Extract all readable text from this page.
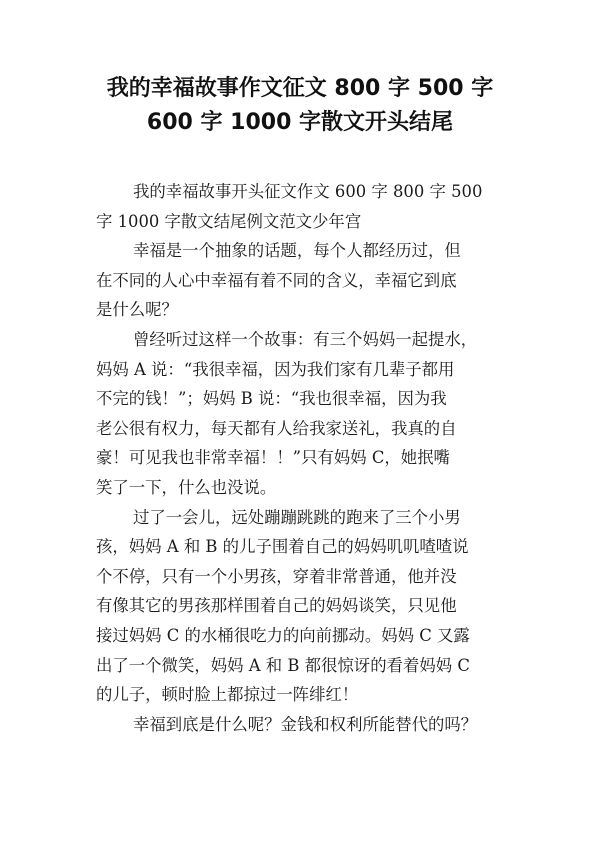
我的幸福故事作文征文 800 字 500 字
600 字 1000 字散文开头结尾
我的幸福故事开头征文作文 600 字 800 字 500
字 1000 字散文结尾例文范文少年宫
幸福是一个抽象的话题，每个人都经历过，但
在不同的人心中幸福有着不同的含义，幸福它到底
是什么呢？
曾经听过这样一个故事：有三个妈妈一起提水，
妈妈 A 说：“我很幸福，因为我们家有几辈子都用
不完的钱！”；妈妈 B 说：“我也很幸福，因为我
老公很有权力，每天都有人给我家送礼，我真的自
豪！可见我也非常幸福！！”只有妈妈 C，她抿嘴
笑了一下，什么也没说。
过了一会儿，远处蹦蹦跳跳的跑来了三个小男
孩，妈妈 A 和 B 的儿子围着自己的妈妈叽叽喳喳说
个不停，只有一个小男孩，穿着非常普通，他并没
有像其它的男孩那样围着自己的妈妈谈笑，只见他
接过妈妈 C 的水桶很吃力的向前挪动。妈妈 C 又露
出了一个微笑，妈妈 A 和 B 都很惊讶的看着妈妈 C
的儿子，顿时脸上都掠过一阵绯红！
幸福到底是什么呢？金钱和权利所能替代的吗？
